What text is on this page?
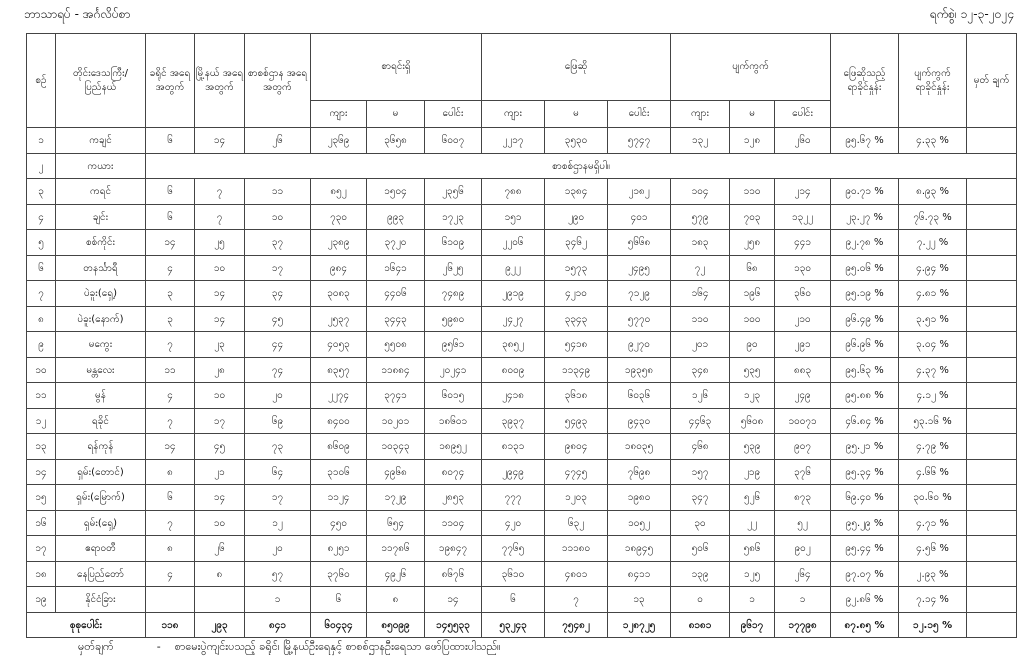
ဘာသာရပ် - အင်္ဂလိပ်စာ	ရက်စွဲ၊ ၁၂-၃-၂၀၂၄
စဉ်	တိုင်းဒေသကြီး/ ပြည်နယ်	ခရိုင် အရေ အတွက်	မြို့နယ် အရေ အတွက်	စာစစ်ဌာန အရေ အတွက်	စာရင်းရှိ			ဖြေဆို			ပျက်ကွက်			ဖြေဆိုသည့် ရာခိုင်နှုန်း	ပျက်ကွက် ရာခိုင်နှုန်း	မှတ် ချက်
					ကျား	မ	ပေါင်း	ကျား	မ	ပေါင်း	ကျား	မ	ပေါင်း			
၁	ကချင်	၆	၁၄	၂၆	၂၃၆၉	၃၆၅၈	၆၀၀၇	၂၂၁၇	၃၅၃၀	၅၇၄၇	၁၃၂	၁၂၈	၂၆၀	၉၅.၆၇ %	၄.၃၃ %	
၂	ကယား	စာစစ်ဌာနမရှိပါ။														
၃	ကရင်	၆	၇	၁၁	၈၅၂	၁၅၀၄	၂၃၅၆	၇၈၈	၁၃၈၄	၂၁၈၂	၁၀၄	၁၁၀	၂၁၄	၉၀.၇၁ %	၈.၉၃ %	
၄	ချင်း	၆	၇	၁၀	၇၃၀	၉၉၃	၁၇၂၃	၁၅၁	၂၉၀	၄၀၁	၅၇၉	၇၀၃	၁၃၂၂	၂၃.၂၇ %	၇၆.၇၃ %	
၅	စစ်ကိုင်း	၁၄	၂၅	၃၇	၂၃၈၉	၃၇၂၀	၆၁၀၉	၂၂၀၆	၃၄၆၂	၅၆၆၈	၁၈၃	၂၅၈	၄၄၁	၉၂.၇၈ %	၇.၂၂ %	
၆	တနင်္သာရီ	၄	၁၀	၁၇	၉၈၄	၁၆၄၁	၂၆၂၅	၉၂၂	၁၅၇၃	၂၄၉၅	၇၂	၆၈	၁၃၀	၉၅.၀၆ %	၄.၉၄ %	
၇	ပဲခူး(ရှေ့)	၃	၁၄	၃၄	၃၀၈၃	၄၄၀၆	၇၄၈၉	၂၉၁၉	၄၂၁၀	၇၁၂၉	၁၆၄	၁၉၆	၃၆၀	၉၅.၁၉ %	၄.၈၁ %	
၈	ပဲခူး(နောက်)	၃	၁၄	၄၅	၂၅၃၇	၃၄၄၃	၅၉၈၀	၂၄၂၇	၃၃၄၃	၅၇၇၀	၁၁၀	၁၀၀	၂၁၀	၉၆.၄၉ %	၃.၅၁ %	
၉	မကွေး	၇	၂၃	၄၄	၄၀၅၃	၅၅၀၈	၉၅၆၁	၃၈၅၂	၅၄၁၈	၉၂၇၀	၂၀၁	၉၀	၂၉၁	၉၆.၉၆ %	၃.၀၄ %	
၁၀	မန္တလေး	၁၁	၂၈	၇၄	၈၃၅၇	၁၁၈၈၄	၂၀၂၄၁	၈၀၀၉	၁၁၃၄၉	၁၉၃၅၈	၃၄၈	၅၃၅	၈၈၃	၉၅.၆၃ %	၄.၃၇ %	
၁၁	မွန်	၄	၁၀	၂၀	၂၂၇၄	၃၇၄၁	၆၀၁၅	၂၄၁၈	၃၆၁၈	၆၀၃၆	၁၂၆	၁၂၃	၂၄၉	၉၅.၈၈ %	၄.၁၂ %	
၁၂	ရခိုင်	၇	၁၇	၆၉	၈၄၀၀	၁၀၂၀၁	၁၈၆၀၁	၃၉၃၇	၅၄၉၃	၉၄၃၀	၄၄၆၃	၅၆၀၈	၁၀၀၇၁	၄၆.၈၄ %	၅၃.၁၆ %	
၁၃	ရန်ကုန်	၁၄	၄၅	၇၃	၈၆၀၉	၁၀၃၄၃	၁၈၉၅၂	၈၁၃၁	၉၈၀၄	၁၈၀၃၅	၄၆၈	၅၃၉	၉၀၇	၉၅.၂၁ %	၄.၇၉ %	
၁၄	ရှမ်း(တောင်)	၈	၂၁	၆၄	၃၁၀၆	၄၉၆၈	၈၀၇၄	၂၉၄၉	၄၇၄၅	၇၆၉၈	၁၅၇	၂၁၉	၃၇၆	၉၅.၃၄ %	၄.၆၆ %	
၁၅	ရှမ်း(မြောက်)	၆	၁၄	၁၇	၁၁၂၄	၁၇၂၉	၂၈၅၃	၇၇၇	၁၂၀၃	၁၉၈၀	၃၄၇	၅၂၆	၈၇၃	၆၉.၄၀ %	၃၀.၆၀ %	
၁၆	ရှမ်း(ရှေ့)	၇	၁၀	၁၂	၄၅၀	၆၅၄	၁၁၀၄	၄၂၀	၆၃၂	၁၀၅၂	၃၀	၂၂	၅၂	၉၅.၂၉ %	၄.၇၁ %	
၁၇	ဧရာဝတီ	၈	၂၆	၂၀	၈၂၅၁	၁၁၇၈၆	၁၉၈၄၇	၇၇၆၅	၁၁၁၈၀	၁၈၉၄၅	၅၀၆	၅၈၆	၉၀၂	၉၅.၄၄ %	၄.၅၆ %	
၁၈	နေပြည်တော်	၄	၈	၅၇	၃၇၆၀	၄၉၂၆	၈၆၇၆	၃၆၁၀	၄၈၀၁	၈၄၁၁	၁၃၉	၁၂၅	၂၆၄	၉၇.၀၇ %	၂.၉၃ %	
၁၉	နိုင်ငံခြား			၁	၆	၈	၁၄	၆	၇	၁၃	၀	၁	၁	၉၂.၈၆ %	၇.၁၄ %	
စုစုပေါင်း		၁၁၈	၂၉၃	၈၄၁	၆၀၄၃၄	၈၅၀၉၉	၁၄၅၅၃၃	၅၃၂၄၃	၇၅၄၈၂	၁၂၈၇၂၅	၈၁၈၁	၉၆၁၇	၁၇၇၉၈	၈၇.၈၅ %	၁၂.၁၅ %	
မှတ်ချက်	- စာမေးပွဲကျင်းပသည့် ခရိုင်၊ မြို့နယ်ဦးရေနှင့် စာစစ်ဌာနဦးရေသာ ဖော်ပြထားပါသည်။
